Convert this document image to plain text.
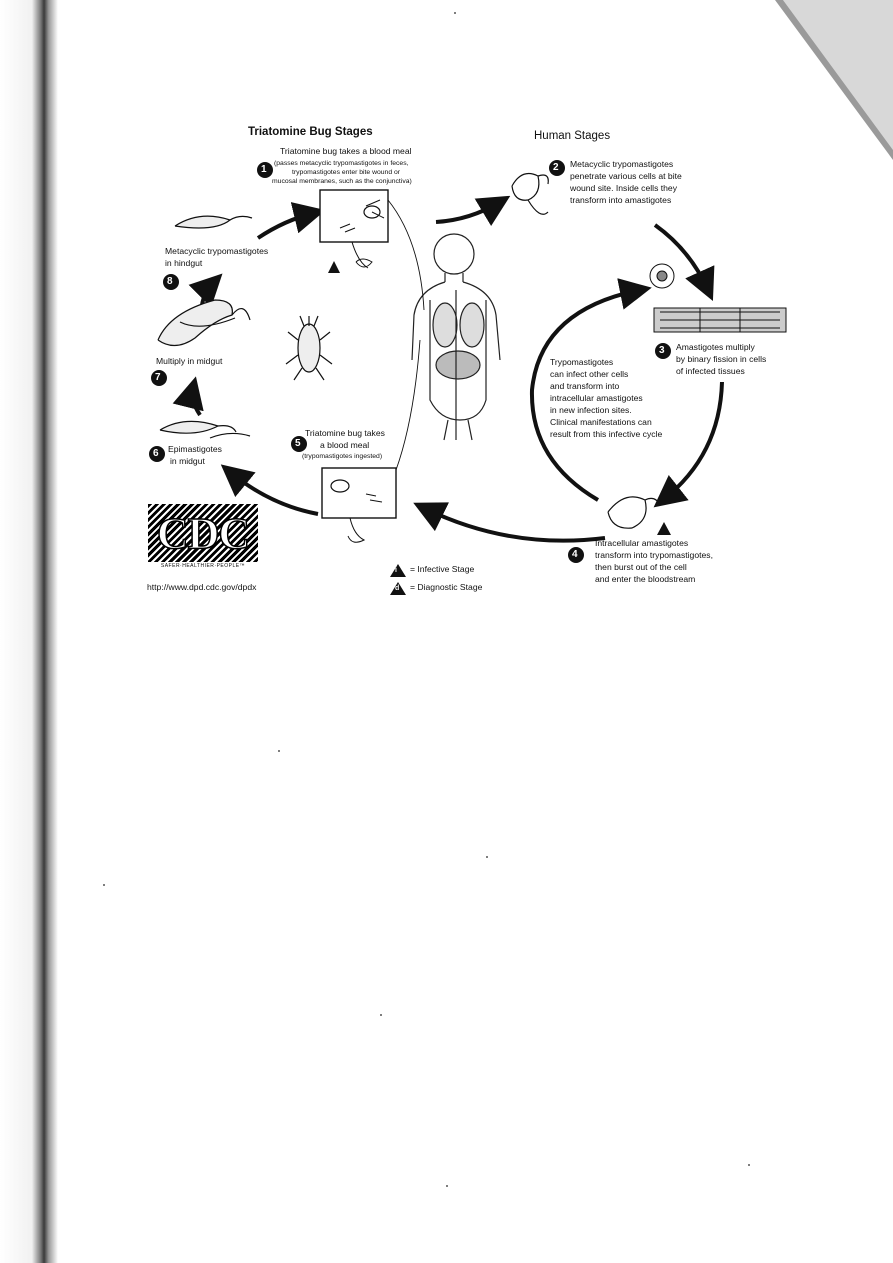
Triatomine Bug Stages	Human Stages
1	2
3
4
5
6
7
8
Triatomine bug takes a blood meal
(passes metacyclic trypomastigotes in feces,
trypomastigotes enter bite wound or
mucosal membranes, such as the conjunctiva)
Metacyclic trypomastigotes
penetrate various cells at bite
wound site. Inside cells they
transform into amastigotes
Amastigotes multiply
by binary fission in cells
of infected tissues
Intracellular amastigotes
transform into trypomastigotes,
then burst out of the cell
and enter the bloodstream
Triatomine bug takes
a blood meal
(trypomastigotes ingested)
Epimastigotes
in midgut
Multiply in midgut
Metacyclic trypomastigotes
in hindgut
Trypomastigotes
can infect other cells
and transform into
intracellular amastigotes
in new infection sites.
Clinical manifestations can
result from this infective cycle
i = Infective Stage
d = Diagnostic Stage
CDC
SAFER·HEALTHIER·PEOPLE™
http://www.dpd.cdc.gov/dpdx
